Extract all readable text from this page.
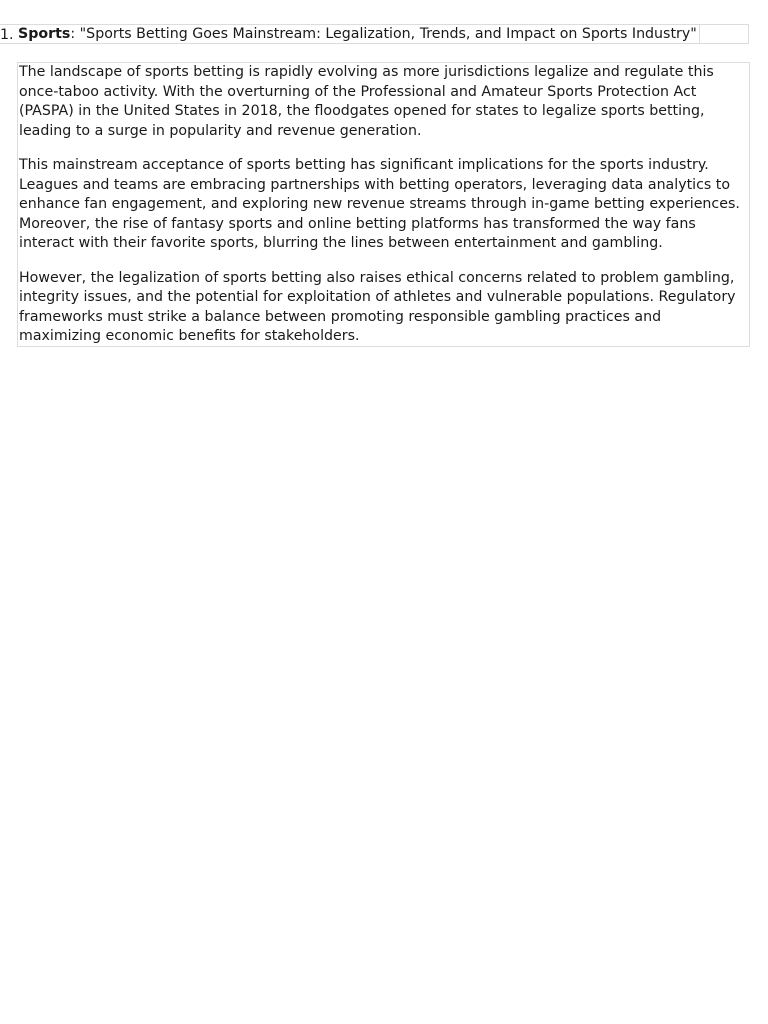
1. Sports: "Sports Betting Goes Mainstream: Legalization, Trends, and Impact on Sports Industry"

The landscape of sports betting is rapidly evolving as more jurisdictions legalize and regulate this once-taboo activity. With the overturning of the Professional and Amateur Sports Protection Act (PASPA) in the United States in 2018, the floodgates opened for states to legalize sports betting, leading to a surge in popularity and revenue generation.

This mainstream acceptance of sports betting has significant implications for the sports industry. Leagues and teams are embracing partnerships with betting operators, leveraging data analytics to enhance fan engagement, and exploring new revenue streams through in-game betting experiences. Moreover, the rise of fantasy sports and online betting platforms has transformed the way fans interact with their favorite sports, blurring the lines between entertainment and gambling.

However, the legalization of sports betting also raises ethical concerns related to problem gambling, integrity issues, and the potential for exploitation of athletes and vulnerable populations. Regulatory frameworks must strike a balance between promoting responsible gambling practices and maximizing economic benefits for stakeholders.
